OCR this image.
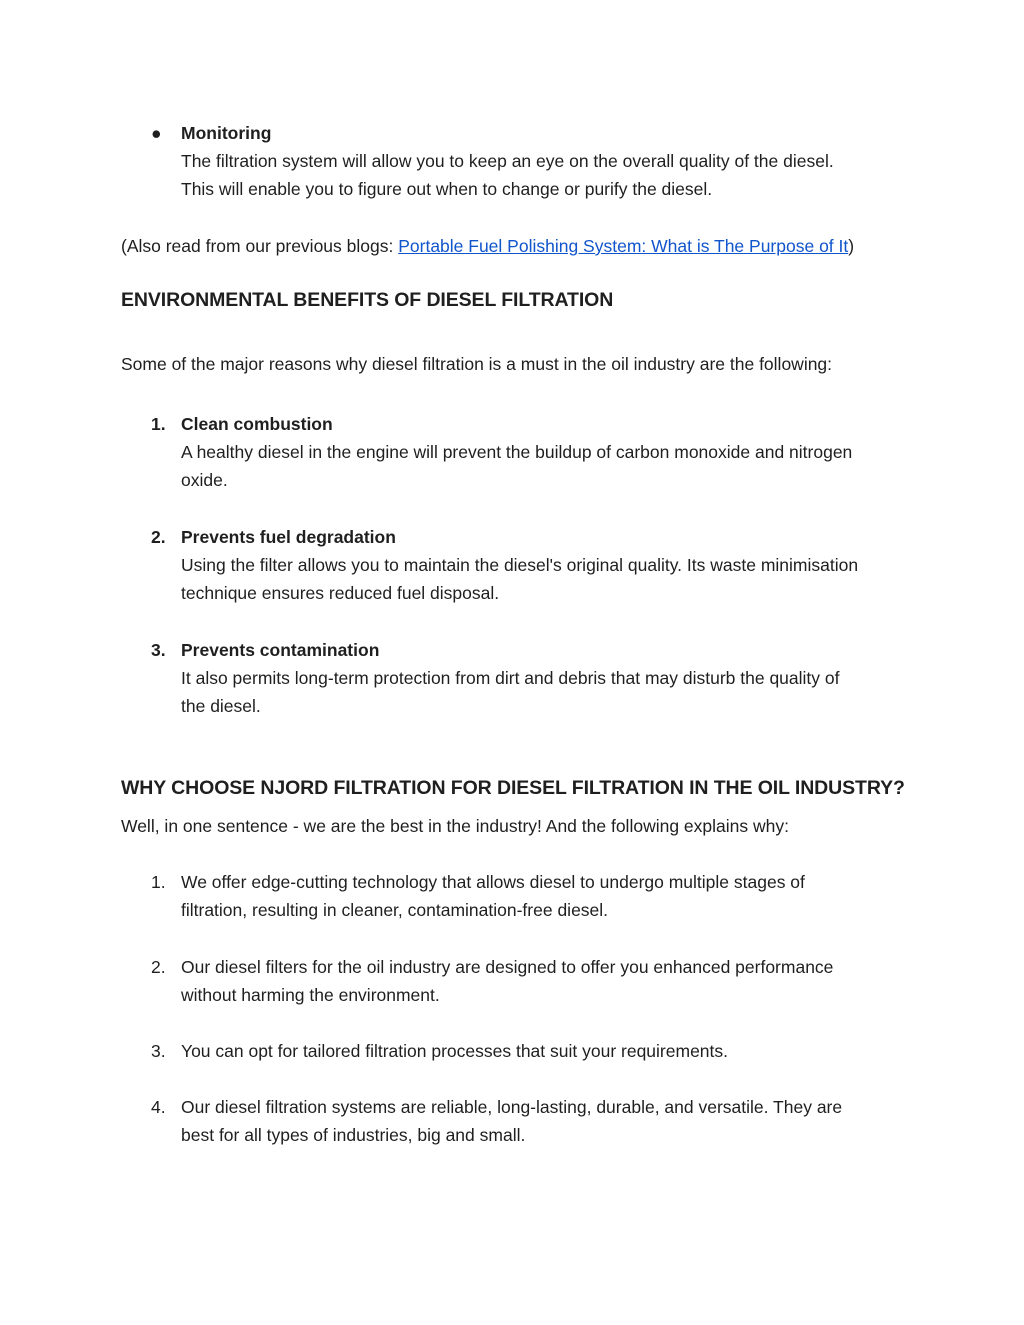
● Monitoring
The filtration system will allow you to keep an eye on the overall quality of the diesel.
This will enable you to figure out when to change or purify the diesel.
(Also read from our previous blogs: Portable Fuel Polishing System: What is The Purpose of It)
ENVIRONMENTAL BENEFITS OF DIESEL FILTRATION
Some of the major reasons why diesel filtration is a must in the oil industry are the following:
1. Clean combustion
A healthy diesel in the engine will prevent the buildup of carbon monoxide and nitrogen
oxide.
2. Prevents fuel degradation
Using the filter allows you to maintain the diesel's original quality. Its waste minimisation
technique ensures reduced fuel disposal.
3. Prevents contamination
It also permits long-term protection from dirt and debris that may disturb the quality of
the diesel.
WHY CHOOSE NJORD FILTRATION FOR DIESEL FILTRATION IN THE OIL INDUSTRY?
Well, in one sentence - we are the best in the industry! And the following explains why:
1. We offer edge-cutting technology that allows diesel to undergo multiple stages of
filtration, resulting in cleaner, contamination-free diesel.
2. Our diesel filters for the oil industry are designed to offer you enhanced performance
without harming the environment.
3. You can opt for tailored filtration processes that suit your requirements.
4. Our diesel filtration systems are reliable, long-lasting, durable, and versatile. They are
best for all types of industries, big and small.
